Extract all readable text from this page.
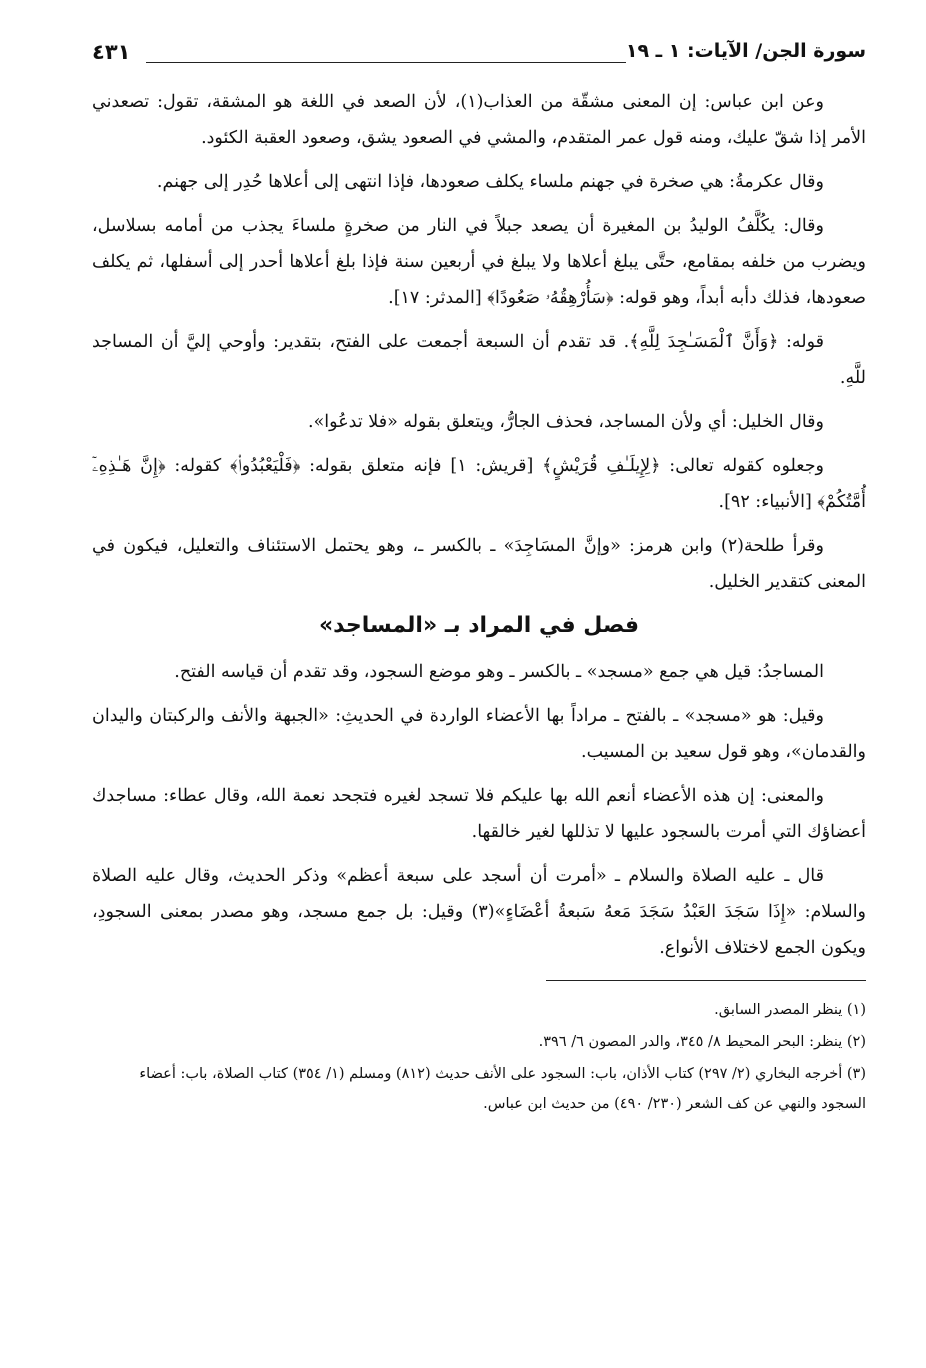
سورة الجن/ الآيات: ١ ـ ١٩
٤٣١

وعن ابن عباس: إن المعنى مشقّة من العذاب(١)، لأن الصعد في اللغة هو المشقة، تقول: تصعدني الأمر إذا شقّ عليك، ومنه قول عمر المتقدم، والمشي في الصعود يشق، وصعود العقبة الكئود.

وقال عكرمةُ: هي صخرة في جهنم ملساء يكلف صعودها، فإذا انتهى إلى أعلاها حُدِر إلى جهنم.

وقال: يكُلَّفُ الوليدُ بن المغيرة أن يصعد جبلاً في النار من صخرةٍ ملساءَ يجذب من أمامه بسلاسل، ويضرب من خلفه بمقامع، حتَّى يبلغ أعلاها ولا يبلغ في أربعين سنة فإذا بلغ أعلاها أحدر إلى أسفلها، ثم يكلف صعودها، فذلك دأبه أبداً، وهو قوله: ﴿سَأُرْهِقُهُۥ صَعُودًا﴾ [المدثر: ١٧].

قوله: ﴿وَأَنَّ ٱلْمَسَـٰجِدَ لِلَّهِ﴾. قد تقدم أن السبعة أجمعت على الفتح، بتقدير: وأوحي إليَّ أن المساجد للَّهِ.

وقال الخليل: أي ولأن المساجد، فحذف الجارُّ، ويتعلق بقوله «فلا تدعُوا».

وجعلوه كقوله تعالى: ﴿لِإِيلَـٰفِ قُرَيْشٍ﴾ [قريش: ١] فإنه متعلق بقوله: ﴿فَلْيَعْبُدُوا۟﴾ كقوله: ﴿إِنَّ هَـٰذِهِۦٓ أُمَّتُكُمْ﴾ [الأنبياء: ٩٢].

وقرأ طلحة(٢) وابن هرمز: «وإنَّ المسَاجِدَ» ـ بالكسر ـ، وهو يحتمل الاستئناف والتعليل، فيكون في المعنى كتقدير الخليل.

فصل في المراد بـ «المساجد»

المساجدُ: قيل هي جمع «مسجد» ـ بالكسر ـ وهو موضع السجود، وقد تقدم أن قياسه الفتح.

وقيل: هو «مسجد» ـ بالفتح ـ مراداً بها الأعضاء الواردة في الحديثِ: «الجبهة والأنف والركبتان واليدان والقدمان»، وهو قول سعيد بن المسيب.

والمعنى: إن هذه الأعضاء أنعم الله بها عليكم فلا تسجد لغيره فتجحد نعمة الله، وقال عطاء: مساجدك أعضاؤك التي أمرت بالسجود عليها لا تذللها لغير خالقها.

قال ـ عليه الصلاة والسلام ـ «أمرت أن أسجد على سبعة أعظم» وذكر الحديث، وقال عليه الصلاة والسلام: «إِذَا سَجَدَ العَبْدُ سَجَدَ مَعهُ سَبعةُ أعْضَاءٍ»(٣) وقيل: بل جمع مسجد، وهو مصدر بمعنى السجودِ، ويكون الجمع لاختلاف الأنواع.

(١) ينظر المصدر السابق.

(٢) ينظر: البحر المحيط ٨/ ٣٤٥، والدر المصون ٦/ ٣٩٦.

(٣) أخرجه البخاري (٢/ ٢٩٧) كتاب الأذان، باب: السجود على الأنف حديث (٨١٢) ومسلم (١/ ٣٥٤) كتاب الصلاة، باب: أعضاء السجود والنهي عن كف الشعر (٢٣٠/ ٤٩٠) من حديث ابن عباس.
